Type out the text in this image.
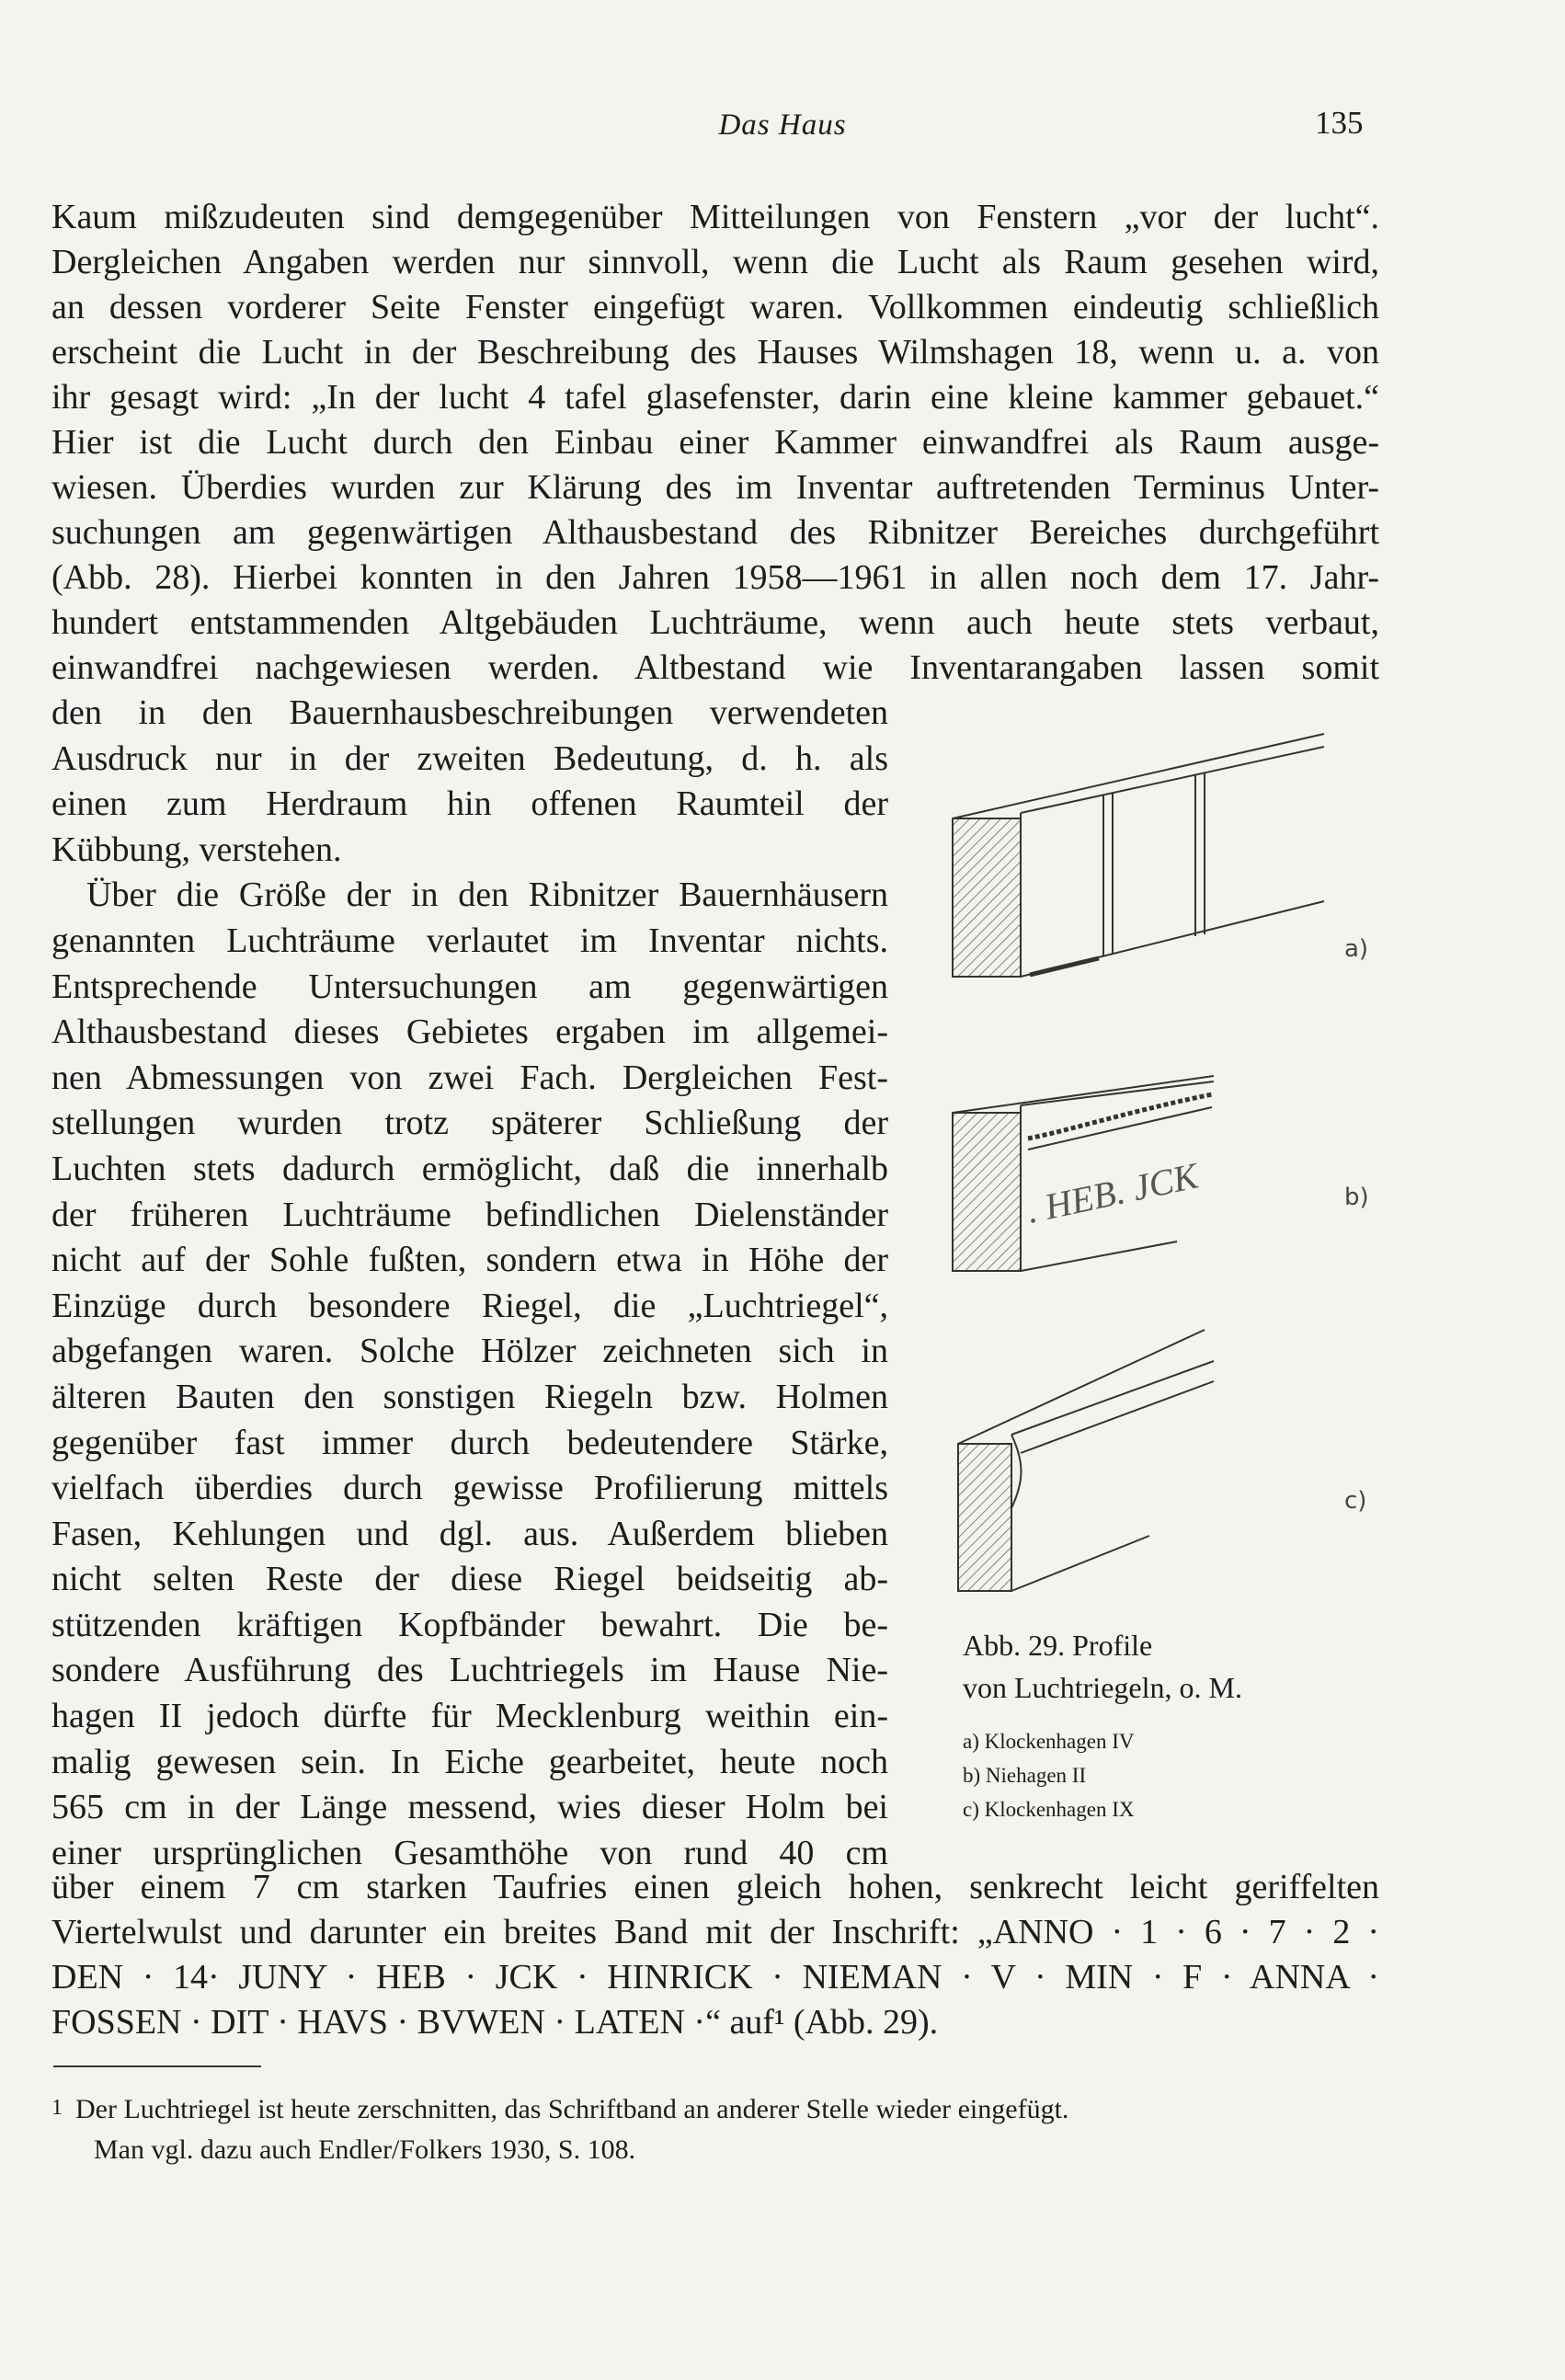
Das Haus	135
Kaum mißzudeuten sind demgegenüber Mitteilungen von Fenstern „vor der lucht“.
Dergleichen Angaben werden nur sinnvoll, wenn die Lucht als Raum gesehen wird,
an dessen vorderer Seite Fenster eingefügt waren. Vollkommen eindeutig schließlich
erscheint die Lucht in der Beschreibung des Hauses Wilmshagen 18, wenn u. a. von
ihr gesagt wird: „In der lucht 4 tafel glasefenster, darin eine kleine kammer gebauet.“
Hier ist die Lucht durch den Einbau einer Kammer einwandfrei als Raum ausge-
wiesen. Überdies wurden zur Klärung des im Inventar auftretenden Terminus Unter-
suchungen am gegenwärtigen Althausbestand des Ribnitzer Bereiches durchgeführt
(Abb. 28). Hierbei konnten in den Jahren 1958—1961 in allen noch dem 17. Jahr-
hundert entstammenden Altgebäuden Luchträume, wenn auch heute stets verbaut,
einwandfrei nachgewiesen werden. Altbestand wie Inventarangaben lassen somit
den in den Bauernhausbeschreibungen verwendeten
Ausdruck nur in der zweiten Bedeutung, d. h. als
einen zum Herdraum hin offenen Raumteil der
Kübbung, verstehen.
Über die Größe der in den Ribnitzer Bauernhäusern
genannten Luchträume verlautet im Inventar nichts.
Entsprechende Untersuchungen am gegenwärtigen
Althausbestand dieses Gebietes ergaben im allgemei-
nen Abmessungen von zwei Fach. Dergleichen Fest-
stellungen wurden trotz späterer Schließung der
Luchten stets dadurch ermöglicht, daß die innerhalb
der früheren Luchträume befindlichen Dielenständer
nicht auf der Sohle fußten, sondern etwa in Höhe der
Einzüge durch besondere Riegel, die „Luchtriegel“,
abgefangen waren. Solche Hölzer zeichneten sich in
älteren Bauten den sonstigen Riegeln bzw. Holmen
gegenüber fast immer durch bedeutendere Stärke,
vielfach überdies durch gewisse Profilierung mittels
Fasen, Kehlungen und dgl. aus. Außerdem blieben
nicht selten Reste der diese Riegel beidseitig ab-
stützenden kräftigen Kopfbänder bewahrt. Die be-
sondere Ausführung des Luchtriegels im Hause Nie-
hagen II jedoch dürfte für Mecklenburg weithin ein-
malig gewesen sein. In Eiche gearbeitet, heute noch
565 cm in der Länge messend, wies dieser Holm bei
einer ursprünglichen Gesamthöhe von rund 40 cm
über einem 7 cm starken Taufries einen gleich hohen, senkrecht leicht geriffelten
Viertelwulst und darunter ein breites Band mit der Inschrift: „ANNO · 1 · 6 · 7 · 2 ·
DEN · 14· JUNY · HEB · JCK · HINRICK · NIEMAN · V · MIN · F · ANNA ·
FOSSEN · DIT · HAVS · BVWEN · LATEN ·“ auf¹ (Abb. 29).
a)
. HEB. JCK	b)
c)
Abb. 29. Profile
von Luchtriegeln, o. M.
a) Klockenhagen IV
b) Niehagen II
c) Klockenhagen IX
1 Der Luchtriegel ist heute zerschnitten, das Schriftband an anderer Stelle wieder eingefügt.
Man vgl. dazu auch Endler/Folkers 1930, S. 108.
